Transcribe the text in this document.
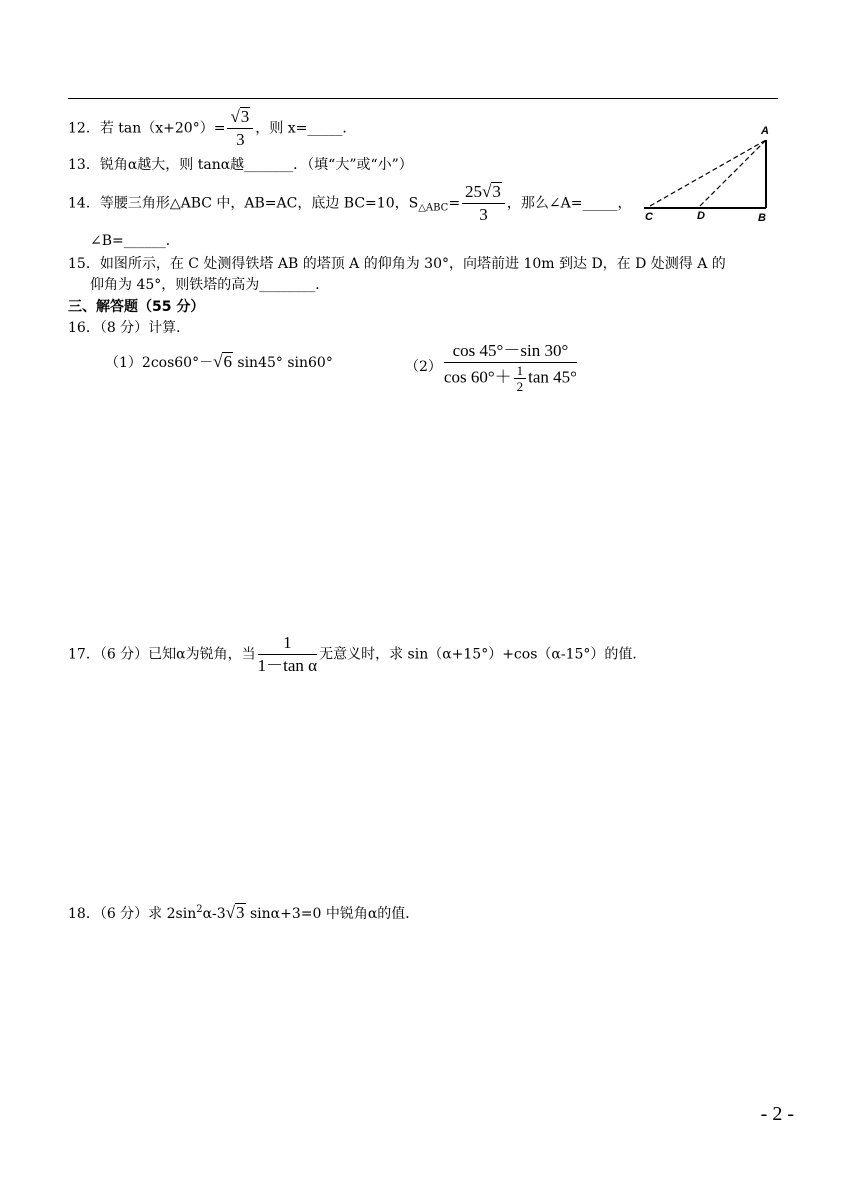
12．若 $\tan(x+20^\circ)= \frac{√3}{3}$ ，则 x=_____．
13．锐角α越大，则 tanα越_______．（填“大”或“小”）
14．等腰三角形△ABC 中，AB=AC，底边 BC=10，$S_{\triangle ABC}= \frac{25√3}{3}$ ，那么∠A=_____，
∠B=______．
15．如图所示，在 C 处测得铁塔 AB 的塔顶 A 的仰角为 30°，向塔前进 10m 到达 D，在 D 处测得 A 的
仰角为 45°，则铁塔的高为________．
三、解答题（55 分）
16．（8 分）计算．
（1）2cos60°－√6 sin45° sin60°	$(2) \frac{\cos 45^\circ-\sin 30^\circ}{\cos 60^\circ+ \frac{1}{2} \tan 45^\circ}$
17．（6 分）已知α为锐角，当 $\frac{1}{\text{1－tan α}}$ 无意义时，求 sin（α+15°）+cos（α-15°）的值．
18．（6 分）求 $2\sin^2\alpha-3√3$ sinα+3=0 中锐角α的值．
A
B
C	D
- 2 -
